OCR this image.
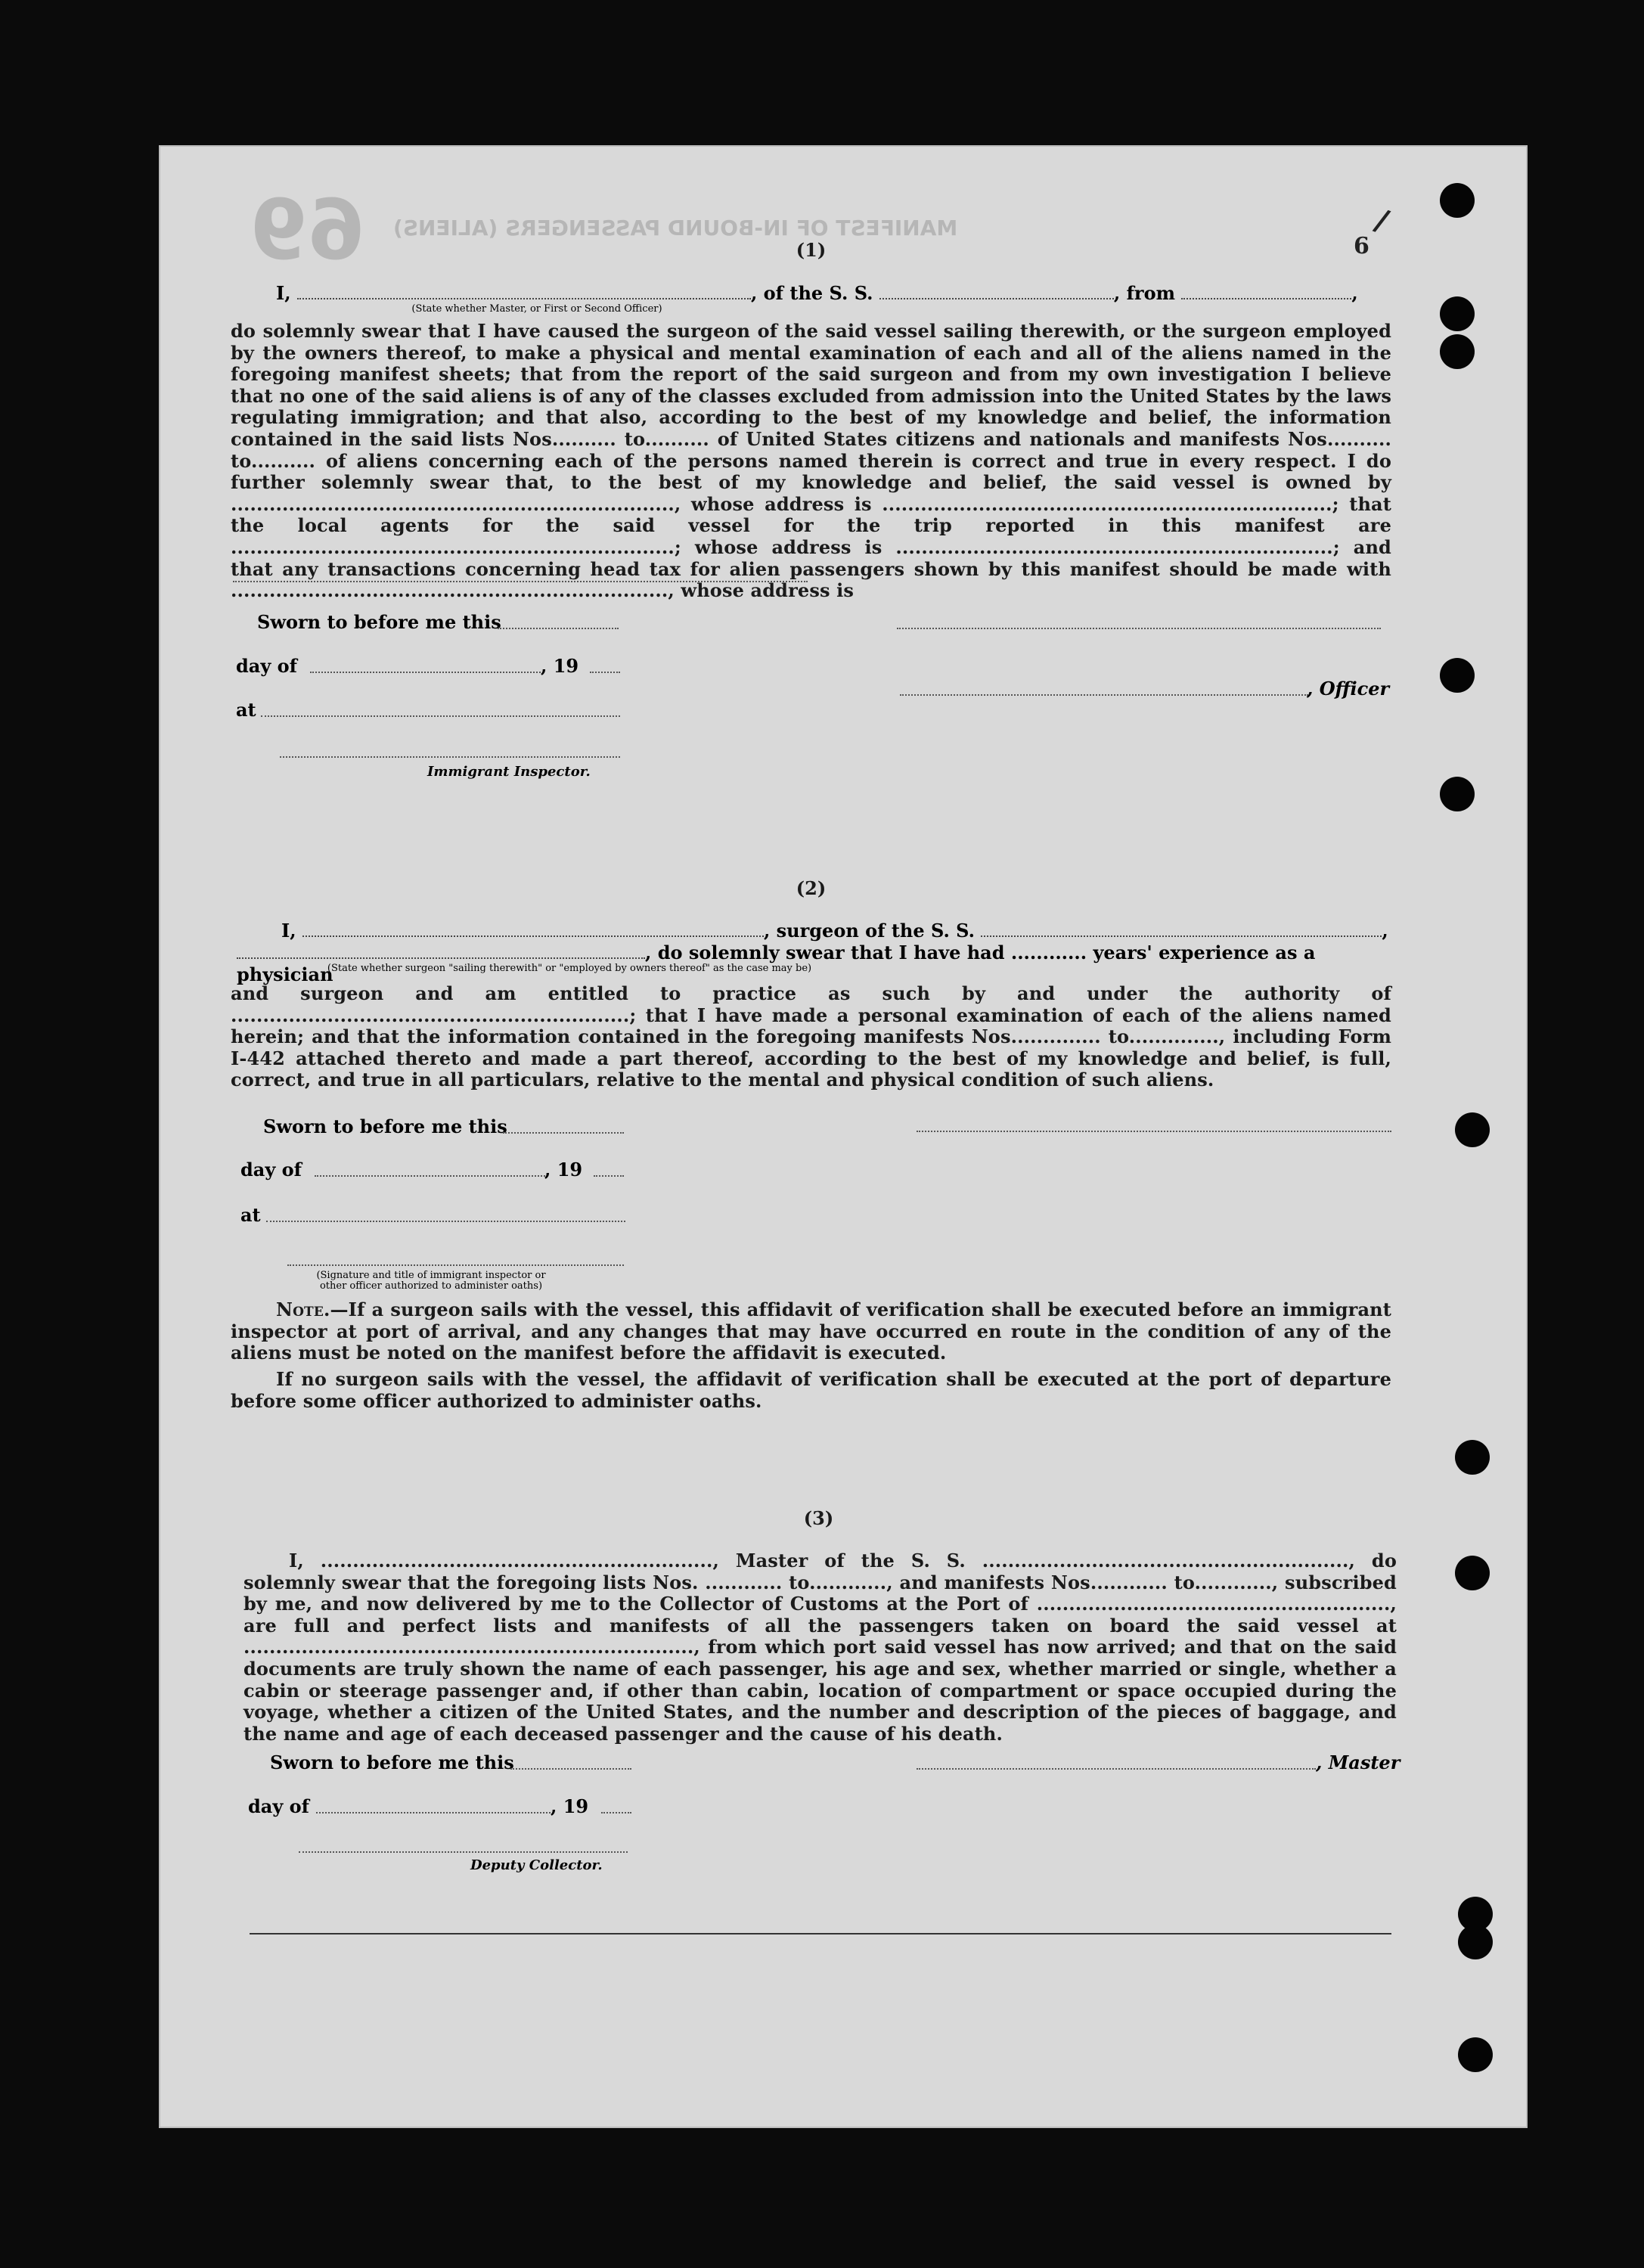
/
6
MANIFEST OF IN-BOUND PASSENGERS (ALIENS)
69	(1)
I,	, of the S. S.	, from	,
(State whether Master, or First or Second Officer)
do solemnly swear that I have caused the surgeon of the said vessel sailing therewith, or the surgeon employed by the owners thereof, to make a physical and mental examination of each and all of the aliens named in the foregoing manifest sheets; that from the report of the said surgeon and from my own investigation I believe that no one of the said aliens is of any of the classes excluded from admission into the United States by the laws regulating immigration; and that also, according to the best of my knowledge and belief, the information contained in the said lists Nos.......... to.......... of United States citizens and nationals and manifests Nos.......... to.......... of aliens concerning each of the persons named therein is correct and true in every respect. I do further solemnly swear that, to the best of my knowledge and belief, the said vessel is owned by ....................................................................., whose address is ......................................................................; that the local agents for the said vessel for the trip reported in this manifest are .....................................................................; whose address is ....................................................................; and that any transactions concerning head tax for alien passengers shown by this manifest should be made with ...................................................................., whose address is
Sworn to before me this
day of	, 19
, Officer
at
Immigrant Inspector.
(2)
I,	, surgeon of the S. S.	,
, do solemnly swear that I have had ............ years' experience as a physician
(State whether surgeon "sailing therewith" or "employed by owners thereof" as the case may be)
and surgeon and am entitled to practice as such by and under the authority of ..............................................................; that I have made a personal examination of each of the aliens named herein; and that the information contained in the foregoing manifests Nos.............. to.............., including Form I-442 attached thereto and made a part thereof, according to the best of my knowledge and belief, is full, correct, and true in all particulars, relative to the mental and physical condition of such aliens.
Sworn to before me this
day of	, 19
at
(Signature and title of immigrant inspector or other officer authorized to administer oaths)
Note.—If a surgeon sails with the vessel, this affidavit of verification shall be executed before an immigrant inspector at port of arrival, and any changes that may have occurred en route in the condition of any of the aliens must be noted on the manifest before the affidavit is executed.
If no surgeon sails with the vessel, the affidavit of verification shall be executed at the port of departure before some officer authorized to administer oaths.
(3)
I, ............................................................., Master of the S. S. ........................................................., do solemnly swear that the foregoing lists Nos. ............ to............, and manifests Nos............ to............, subscribed by me, and now delivered by me to the Collector of Customs at the Port of ......................................................., are full and perfect lists and manifests of all the passengers taken on board the said vessel at ......................................................................, from which port said vessel has now arrived; and that on the said documents are truly shown the name of each passenger, his age and sex, whether married or single, whether a cabin or steerage passenger and, if other than cabin, location of compartment or space occupied during the voyage, whether a citizen of the United States, and the number and description of the pieces of baggage, and the name and age of each deceased passenger and the cause of his death.
Sworn to before me this	, Master
day of	, 19
Deputy Collector.
